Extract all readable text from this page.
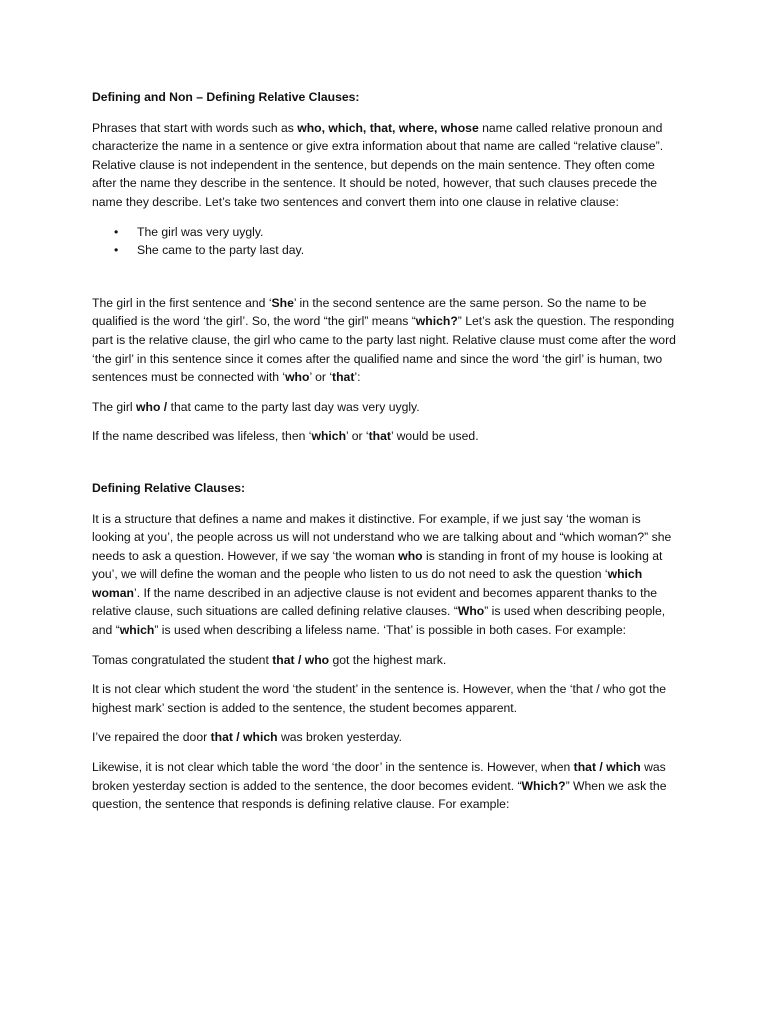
Defining and Non – Defining Relative Clauses:

Phrases that start with words such as who, which, that, where, whose name called relative pronoun and characterize the name in a sentence or give extra information about that name are called “relative clause”. Relative clause is not independent in the sentence, but depends on the main sentence. They often come after the name they describe in the sentence. It should be noted, however, that such clauses precede the name they describe. Let’s take two sentences and convert them into one clause in relative clause:

• The girl was very uygly.
• She came to the party last day.

The girl in the first sentence and ‘She’ in the second sentence are the same person. So the name to be qualified is the word ‘the girl’. So, the word “the girl” means “which?” Let’s ask the question. The responding part is the relative clause, the girl who came to the party last night. Relative clause must come after the word ‘the girl’ in this sentence since it comes after the qualified name and since the word ‘the girl’ is human, two sentences must be connected with ‘who’ or ‘that’:

The girl who / that came to the party last day was very uygly.

If the name described was lifeless, then ‘which’ or ‘that’ would be used.

Defining Relative Clauses:

It is a structure that defines a name and makes it distinctive. For example, if we just say ‘the woman is looking at you’, the people across us will not understand who we are talking about and “which woman?” she needs to ask a question. However, if we say ‘the woman who is standing in front of my house is looking at you’, we will define the woman and the people who listen to us do not need to ask the question ‘which woman’. If the name described in an adjective clause is not evident and becomes apparent thanks to the relative clause, such situations are called defining relative clauses. “Who” is used when describing people, and “which” is used when describing a lifeless name. ‘That’ is possible in both cases. For example:

Tomas congratulated the student that / who got the highest mark.

It is not clear which student the word ‘the student’ in the sentence is. However, when the ‘that / who got the highest mark’ section is added to the sentence, the student becomes apparent.

I’ve repaired the door that / which was broken yesterday.

Likewise, it is not clear which table the word ‘the door’ in the sentence is. However, when that / which was broken yesterday section is added to the sentence, the door becomes evident. “Which?” When we ask the question, the sentence that responds is defining relative clause. For example:
